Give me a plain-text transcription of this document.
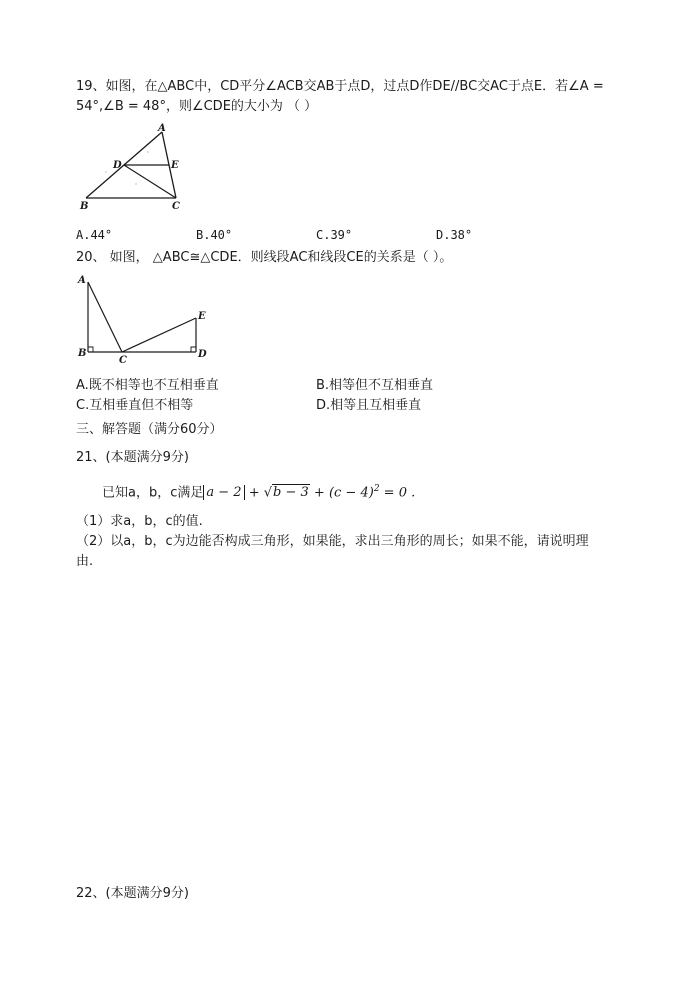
19、如图，在△ABC中，CD平分∠ACB交AB于点D，过点D作DE//BC交AC于点E．若∠A =
54°,∠B = 48°，则∠CDE的大小为 （ ）
A
B	C
D	E
A.44°	B.40°	C.39°	D.38°
20、 如图， △ABC≅△CDE．则线段AC和线段CE的关系是（ ）。
A
B
C
D
E
A.既不相等也不互相垂直	B.相等但不互相垂直
C.互相垂直但不相等	D.相等且互相垂直
三、解答题（满分60分）
21、(本题满分9分)
已知a，b，c满足 $a - 2 + √b - 3 + (c - 4)^2 = 0$ .
（1）求a，b，c的值.
（2）以a，b，c为边能否构成三角形，如果能，求出三角形的周长；如果不能，请说明理
由.
22、(本题满分9分)
